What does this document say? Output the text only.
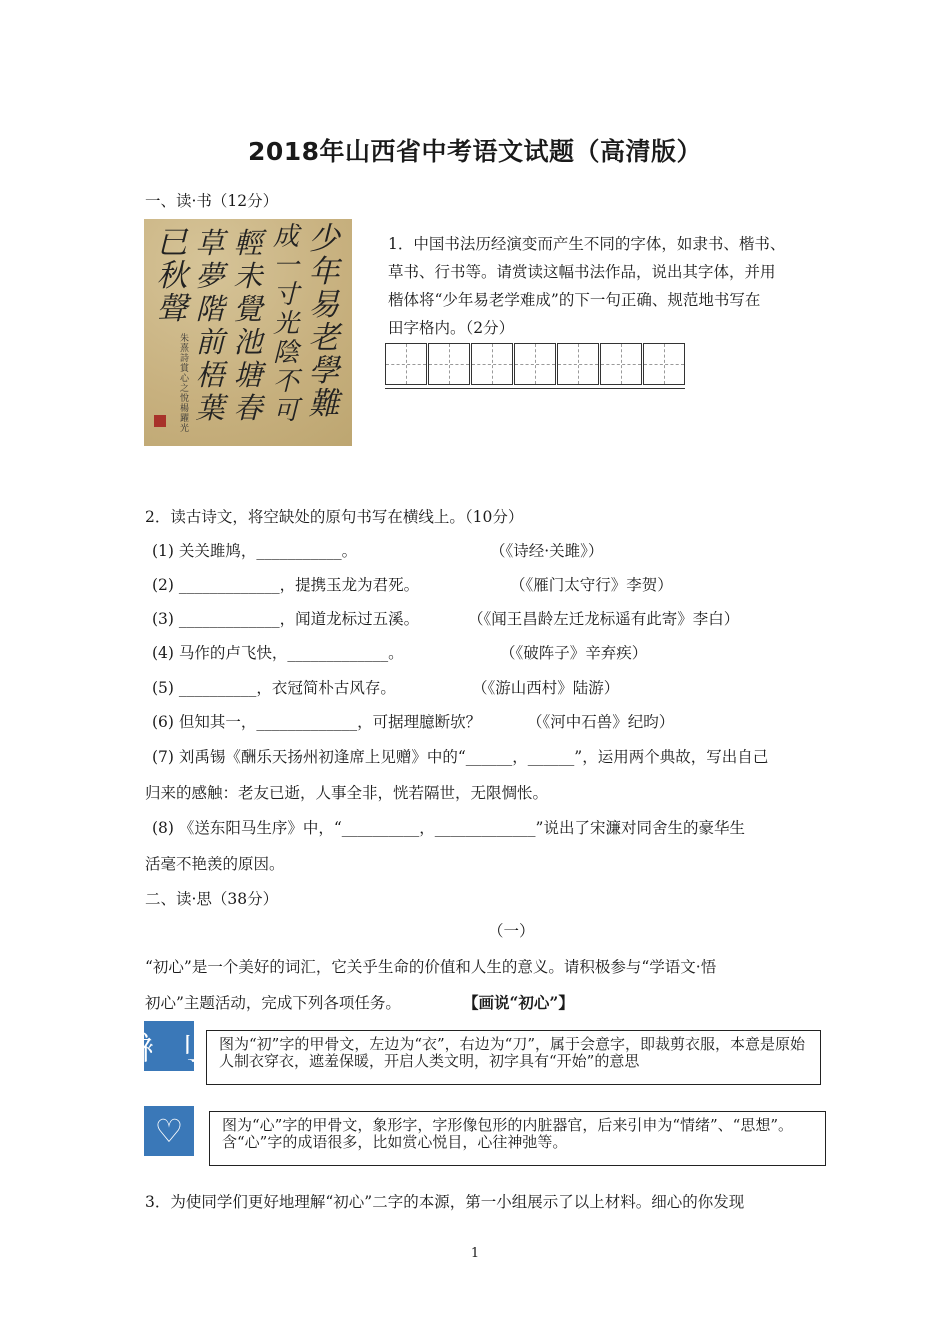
2018年山西省中考语文试题（高清版）
一、读·书（12分）
少
年
易
老
學
難
成
一
寸
光
陰
不
可
輕
未
覺
池
塘
春
草
夢
階
前
梧
葉
已
秋
聲
朱
熹
詩
賞
心
之
悅
楊
躍
光
1．中国书法历经演变而产生不同的字体，如隶书、楷书、
草书、行书等。请赏读这幅书法作品，说出其字体，并用
楷体将“少年易老学难成”的下一句正确、规范地书写在
田字格内。（2分）
2．读古诗文，将空缺处的原句书写在横线上。（10分）
(1) 关关雎鸠，___________。	（《诗经·关雎》）
(2) _____________，提携玉龙为君死。	（《雁门太守行》李贺）
(3) _____________，闻道龙标过五溪。	（《闻王昌龄左迁龙标遥有此寄》李白）
(4) 马作的卢飞快，_____________。	（《破阵子》辛弃疾）
(5) __________，衣冠简朴古风存。	（《游山西村》陆游）
(6) 但知其一，_____________，可据理臆断欤？	（《河中石兽》纪昀）
(7) 刘禹锡《酬乐天扬州初逢席上见赠》中的“______，______”，运用两个典故，写出自己
归来的感触：老友已逝，人事全非，恍若隔世，无限惆怅。
(8) 《送东阳马生序》中，“__________，_____________”说出了宋濂对同舍生的豪华生
活毫不艳羡的原因。
二、读·思（38分）
（一）
“初心”是一个美好的词汇，它关乎生命的价值和人生的意义。请积极参与“学语文·悟
初心”主题活动，完成下列各项任务。	【画说“初心”】
衤刂 图为“初”字的甲骨文，左边为“衣”，右边为“刀”，属于会意字，即裁剪衣服，本意是原始人制衣穿衣，遮羞保暖，开启人类文明，初字具有“开始”的意思

♡	图为“心”字的甲骨文，象形字，字形像包形的内脏器官，后来引申为“情绪”、“思想”。含“心”字的成语很多，比如赏心悦目，心往神弛等。

3．为使同学们更好地理解“初心”二字的本源，第一小组展示了以上材料。细心的你发现
1
